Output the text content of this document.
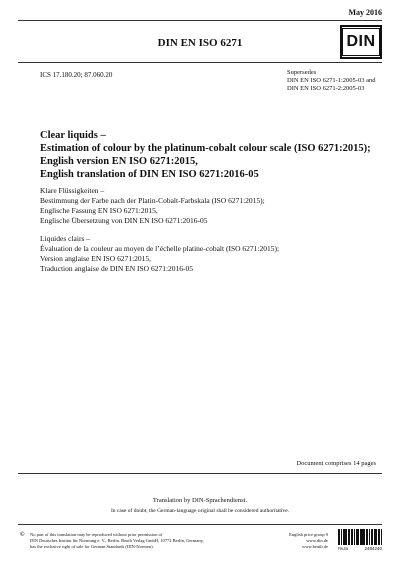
May 2016
DIN EN ISO 6271	DIN
ICS 17.180.20; 87.060.20	Supersedes
DIN EN ISO 6271-1:2005-03 and
DIN EN ISO 6271-2:2005-03
Clear liquids –
Estimation of colour by the platinum-cobalt colour scale (ISO 6271:2015);
English version EN ISO 6271:2015,
English translation of DIN EN ISO 6271:2016-05
Klare Flüssigkeiten –
Bestimmung der Farbe nach der Platin-Cobalt-Farbskala (ISO 6271:2015);
Englische Fassung EN ISO 6271:2015,
Englische Übersetzung von DIN EN ISO 6271:2016-05
Liquides clairs –
Évaluation de la couleur au moyen de l’échelle platine-cobalt (ISO 6271:2015);
Version anglaise EN ISO 6271:2015,
Traduction anglaise de DIN EN ISO 6271:2016-05
Document comprises 14 pages
Translation by DIN-Sprachendienst.
In case of doubt, the German-language original shall be considered authoritative.
© No part of this translation may be reproduced without prior permission of
DIN Deutsches Institut für Normung e. V., Berlin. Beuth Verlag GmbH, 10772 Berlin, Germany,
has the exclusive right of sale for German Standards (DIN-Normen).
English price group 9
www.din.de
www.beuth.de !%Ja	2484240
